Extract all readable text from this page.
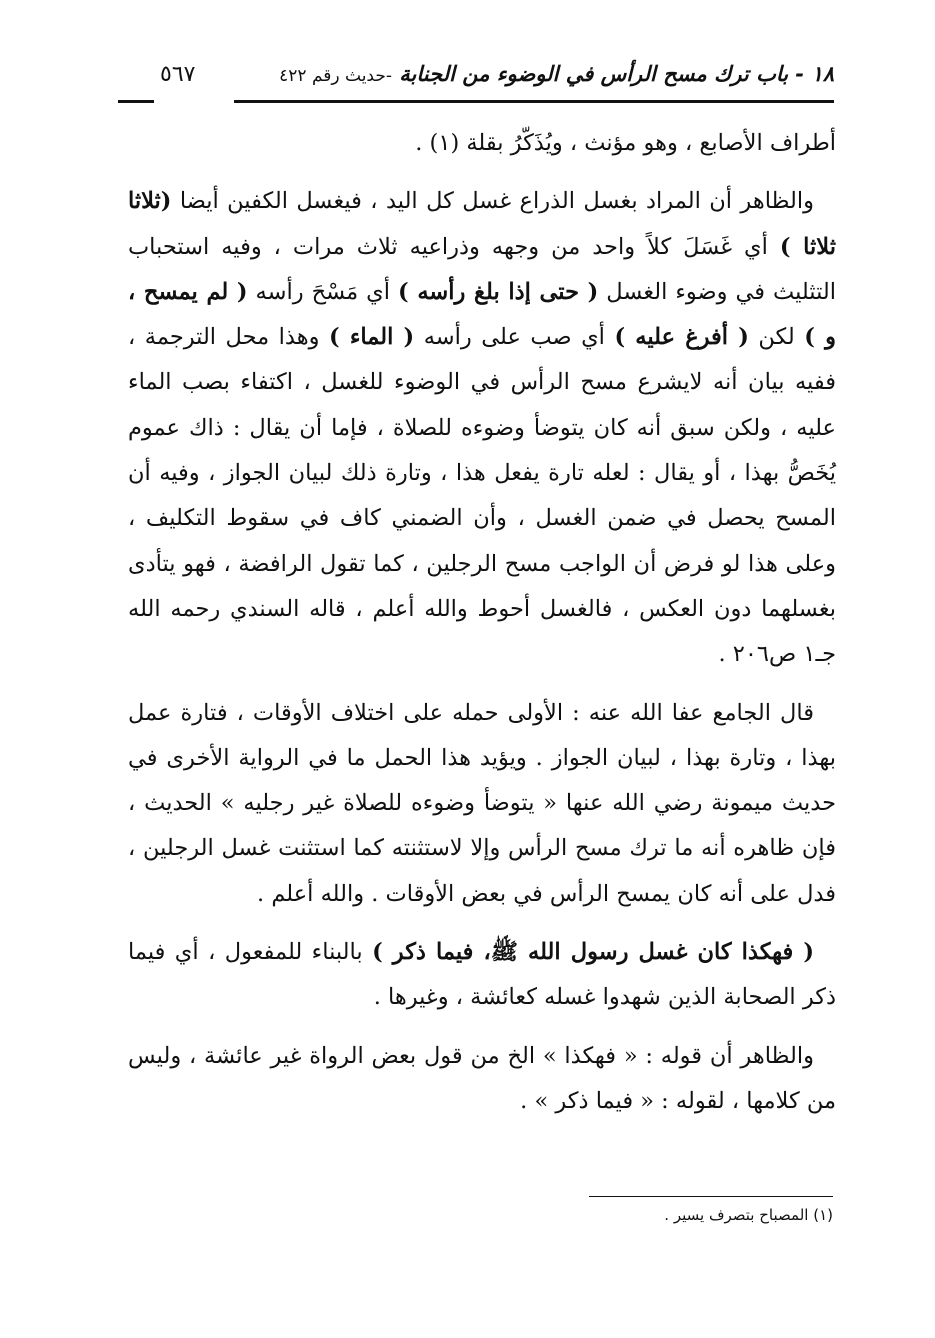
١٨ - باب ترك مسح الرأس في الوضوء من الجنابة
-حديث رقم ٤٢٢
٥٦٧

أطراف الأصابع ، وهو مؤنث ، ويُذَكّرُ بقلة (١) .

والظاهر أن المراد بغسل الذراع غسل كل اليد ، فيغسل الكفين أيضا (ثلاثا ثلاثا ) أي غَسَلَ كلاً واحد من وجهه وذراعيه ثلاث مرات ، وفيه استحباب التثليث في وضوء الغسل ( حتى إذا بلغ رأسه ) أي مَسْحَ رأسه ( لم يمسح ، و ) لكن ( أفرغ عليه ) أي صب على رأسه ( الماء ) وهذا محل الترجمة ، ففيه بيان أنه لايشرع مسح الرأس في الوضوء للغسل ، اكتفاء بصب الماء عليه ، ولكن سبق أنه كان يتوضأ وضوءه للصلاة ، فإما أن يقال : ذاك عموم يُخَصُّ بهذا ، أو يقال : لعله تارة يفعل هذا ، وتارة ذلك لبيان الجواز ، وفيه أن المسح يحصل في ضمن الغسل ، وأن الضمني كاف في سقوط التكليف ، وعلى هذا لو فرض أن الواجب مسح الرجلين ، كما تقول الرافضة ، فهو يتأدى بغسلهما دون العكس ، فالغسل أحوط والله أعلم ، قاله السندي رحمه الله جـ١ ص٢٠٦ .

قال الجامع عفا الله عنه : الأولى حمله على اختلاف الأوقات ، فتارة عمل بهذا ، وتارة بهذا ، لبيان الجواز . ويؤيد هذا الحمل ما في الرواية الأخرى في حديث ميمونة رضي الله عنها « يتوضأ وضوءه للصلاة غير رجليه » الحديث ، فإن ظاهره أنه ما ترك مسح الرأس وإلا لاستثنته كما استثنت غسل الرجلين ، فدل على أنه كان يمسح الرأس في بعض الأوقات . والله أعلم .

( فهكذا كان غسل رسول الله ﷺ، فيما ذكر ) بالبناء للمفعول ، أي فيما ذكر الصحابة الذين شهدوا غسله كعائشة ، وغيرها .

والظاهر أن قوله : « فهكذا » الخ من قول بعض الرواة غير عائشة ، وليس من كلامها ، لقوله : « فيما ذكر » .

(١) المصباح بتصرف يسير .
